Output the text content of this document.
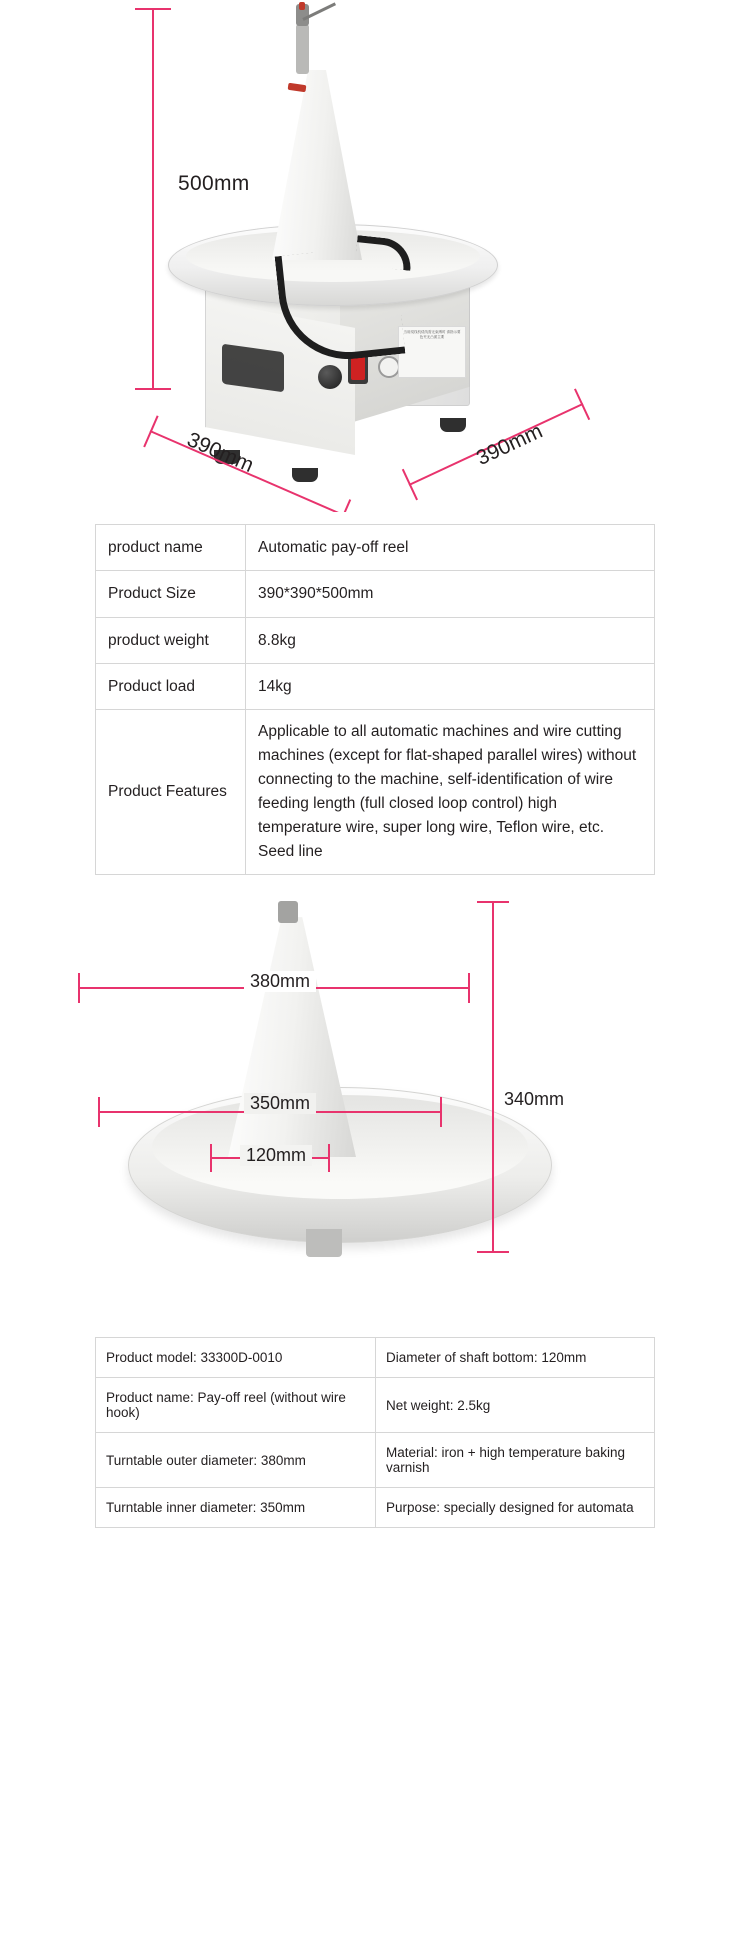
当用绕线机绕线需无束缚时 请指示要色夹无凸面主要
500mm
390mm	390mm
product name	Automatic pay-off reel
Product Size	390*390*500mm
product weight	8.8kg
Product load	14kg
Product Features	Applicable to all automatic machines and wire cutting machines (except for flat-shaped parallel wires) without connecting to the machine, self-identification of wire feeding length (full closed loop control) high temperature wire, super long wire, Teflon wire, etc. Seed line
380mm
350mm
120mm
340mm
Product model: 33300D-0010	Diameter of shaft bottom: 120mm
Product name: Pay-off reel (without wire hook)	Net weight: 2.5kg
Turntable outer diameter: 380mm	Material: iron + high temperature baking varnish
Turntable inner diameter: 350mm	Purpose: specially designed for automata
